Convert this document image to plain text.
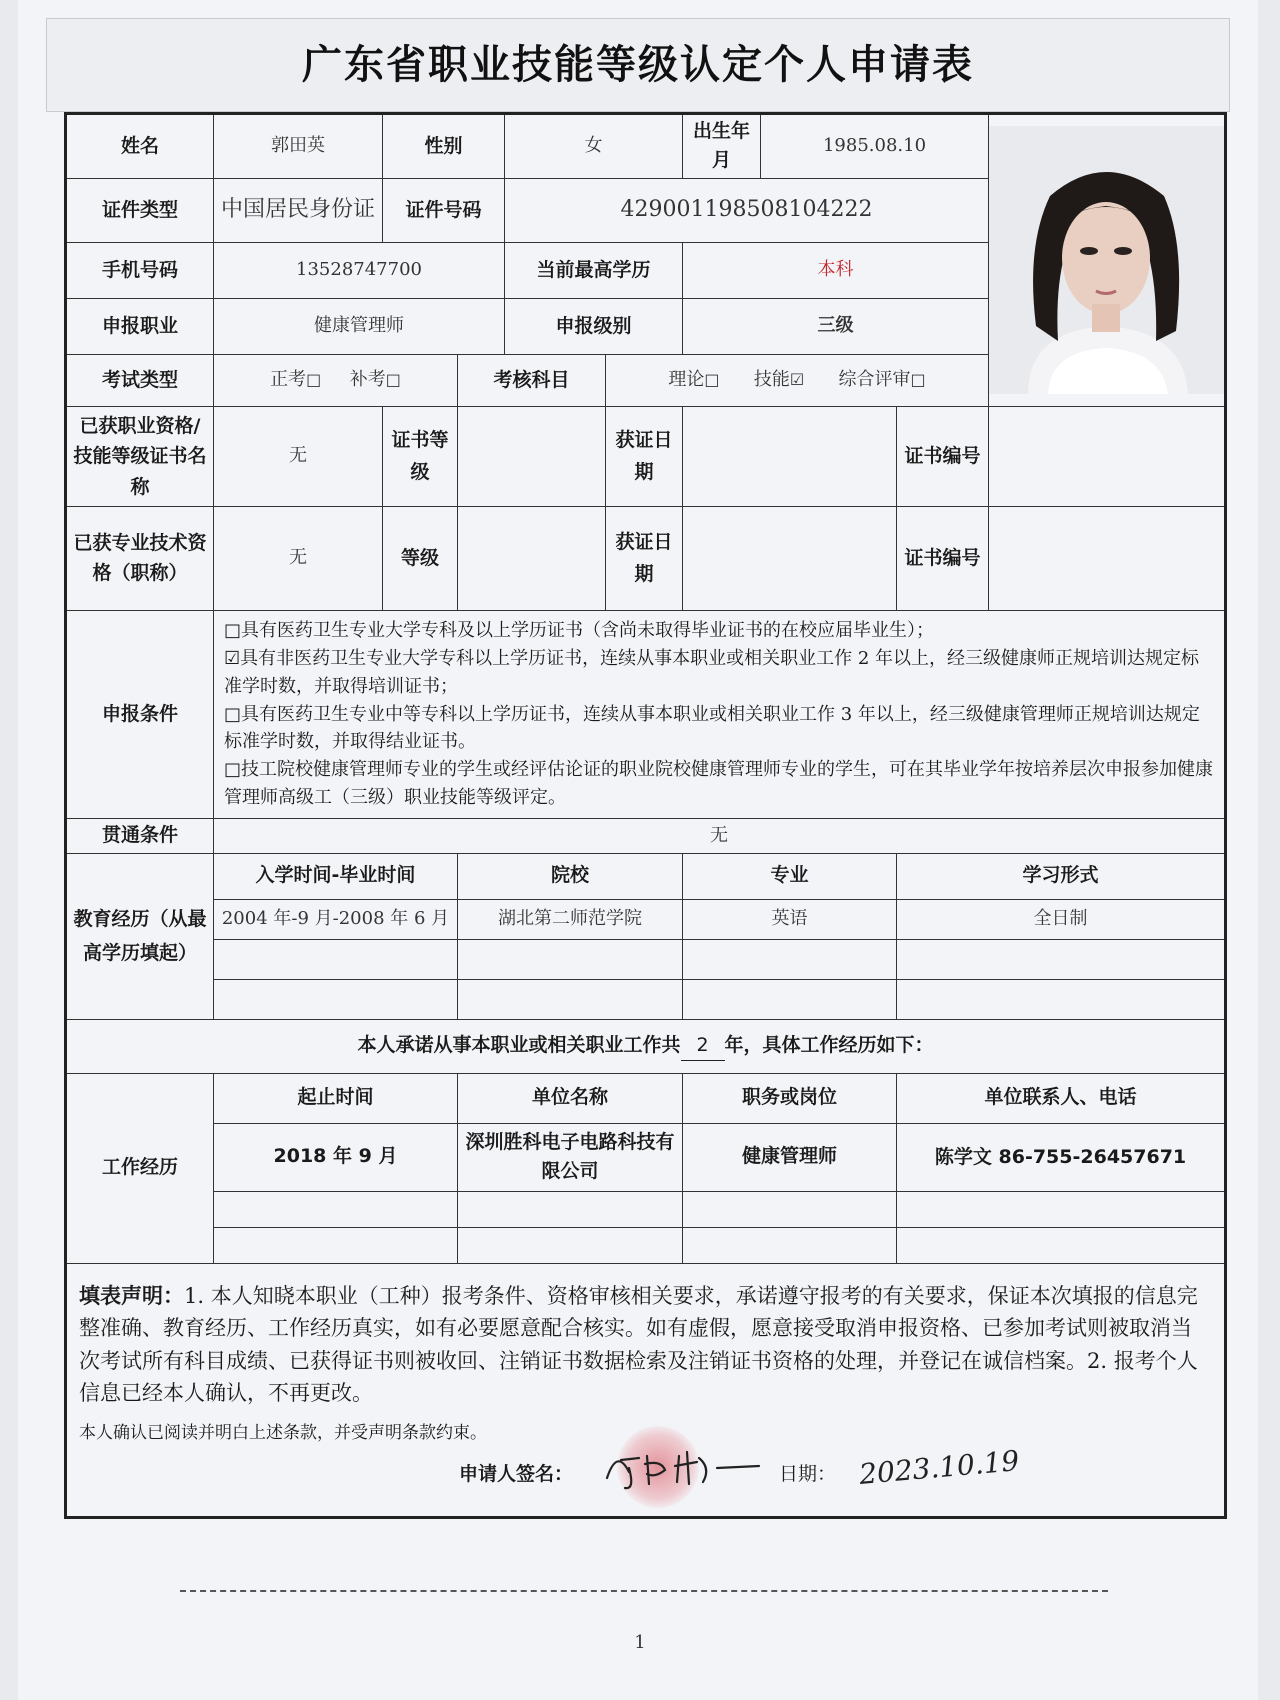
广东省职业技能等级认定个人申请表
姓名	郭田英	性别		女		出生年月	1985.08.10	

证件类型	中国居民身份证	证件号码		429001198508104222					
手机号码	13528747700			当前最高学历		本科			
申报职业	健康管理师			申报级别		三级			
考试类型	正考□ 补考□		考核科目		理论□ 技能☑ 综合评审□				
已获职业资格/技能等级证书名称	无	证书等级			获证日期			证书编号	
已获专业技术资格（职称）	无	等级			获证日期			证书编号	
申报条件	□具有医药卫生专业大学专科及以上学历证书（含尚未取得毕业证书的在校应届毕业生）；
☑具有非医药卫生专业大学专科以上学历证书，连续从事本职业或相关职业工作 2 年以上，经三级健康师正规培训达规定标准学时数，并取得培训证书；
□具有医药卫生专业中等专科以上学历证书，连续从事本职业或相关职业工作 3 年以上，经三级健康管理师正规培训达规定标准学时数，并取得结业证书。
□技工院校健康管理师专业的学生或经评估论证的职业院校健康管理师专业的学生，可在其毕业学年按培养层次申报参加健康管理师高级工（三级）职业技能等级评定。								

贯通条件	无								
教育经历（从最高学历填起）	入学时间-毕业时间		院校			专业		学习形式	
	2004 年-9 月-2008 年 6 月		湖北第二师范学院			英语		全日制	

本人承诺从事本职业或相关职业工作共 2 年，具体工作经历如下：									
工作经历	起止时间		单位名称			职务或岗位		单位联系人、电话	
	2018 年 9 月		深圳胜科电子电路科技有限公司			健康管理师		陈学文 86-755-26457671	

填表声明：1. 本人知晓本职业（工种）报考条件、资格审核相关要求，承诺遵守报考的有关要求，保证本次填报的信息完整准确、教育经历、工作经历真实，如有必要愿意配合核实。如有虚假，愿意接受取消申报资格、已参加考试则被取消当次考试所有科目成绩、已获得证书则被收回、注销证书数据检索及注销证书资格的处理，并登记在诚信档案。2. 报考个人信息已经本人确认，不再更改。
本人确认已阅读并明白上述条款，并受声明条款约束。
申请人签名： 日期： 2023.10.19									
1
